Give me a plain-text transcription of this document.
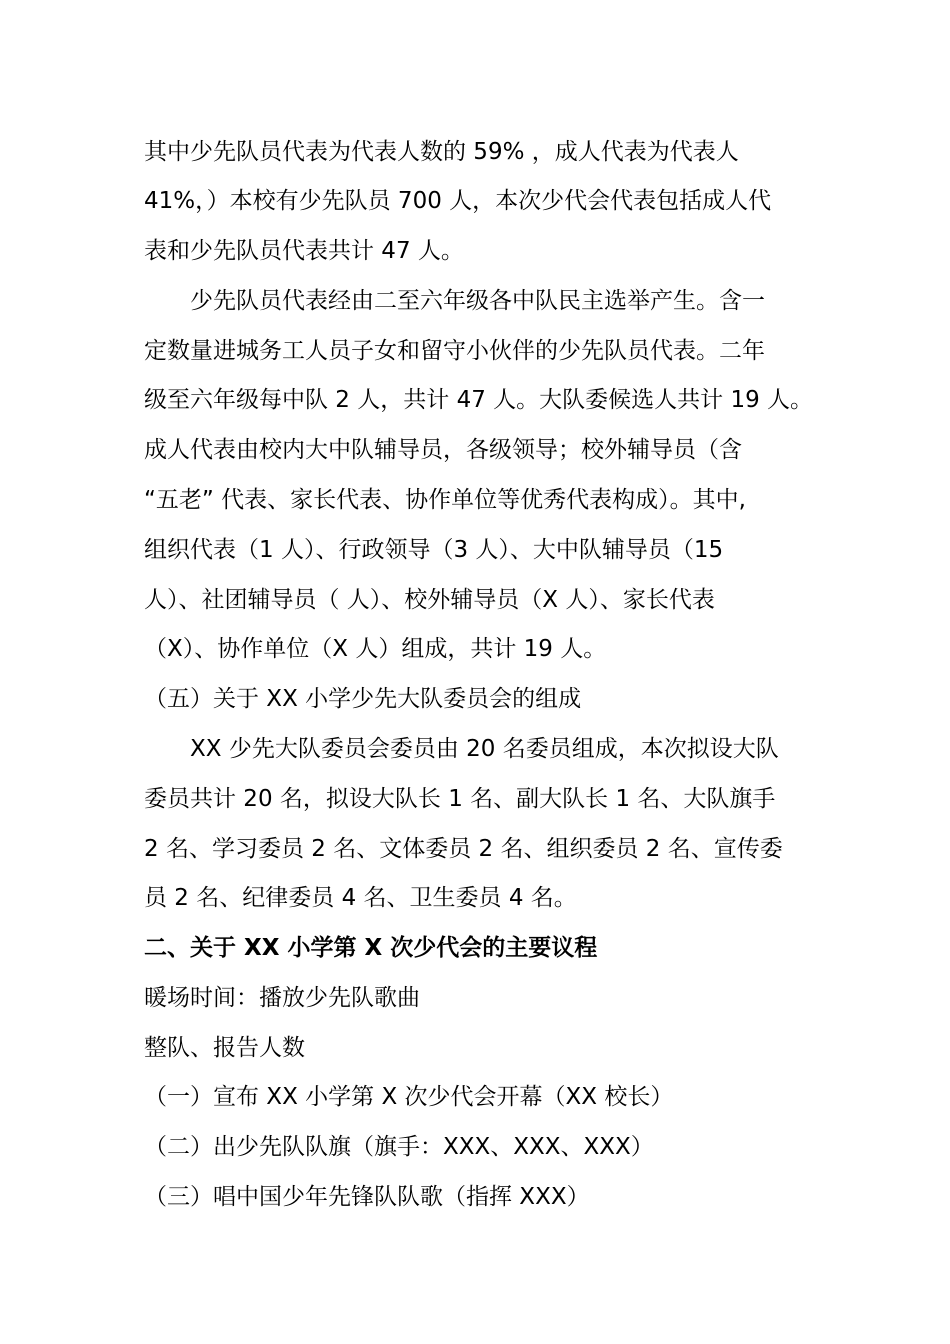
其中少先队员代表为代表人数的 59% ，成人代表为代表人
41%，）本校有少先队员 700 人，本次少代会代表包括成人代
表和少先队员代表共计 47 人。
少先队员代表经由二至六年级各中队民主选举产生。含一
定数量进城务工人员子女和留守小伙伴的少先队员代表。二年
级至六年级每中队 2 人，共计 47 人。大队委候选人共计 19 人。
成人代表由校内大中队辅导员，各级领导；校外辅导员（含
“五老” 代表、家长代表、协作单位等优秀代表构成）。其中,
组织代表（1 人）、行政领导（3 人）、大中队辅导员（15
人）、社团辅导员（ 人）、校外辅导员（X 人）、家长代表
（X）、协作单位（X 人）组成，共计 19 人。
（五）关于 XX 小学少先大队委员会的组成
XX 少先大队委员会委员由 20 名委员组成，本次拟设大队
委员共计 20 名，拟设大队长 1 名、副大队长 1 名、大队旗手
2 名、学习委员 2 名、文体委员 2 名、组织委员 2 名、宣传委
员 2 名、纪律委员 4 名、卫生委员 4 名。
二、关于 XX 小学第 X 次少代会的主要议程
暖场时间：播放少先队歌曲
整队、报告人数
（一）宣布 XX 小学第 X 次少代会开幕（XX 校长）
（二）出少先队队旗（旗手：XXX、XXX、XXX）
（三）唱中国少年先锋队队歌（指挥 XXX）
